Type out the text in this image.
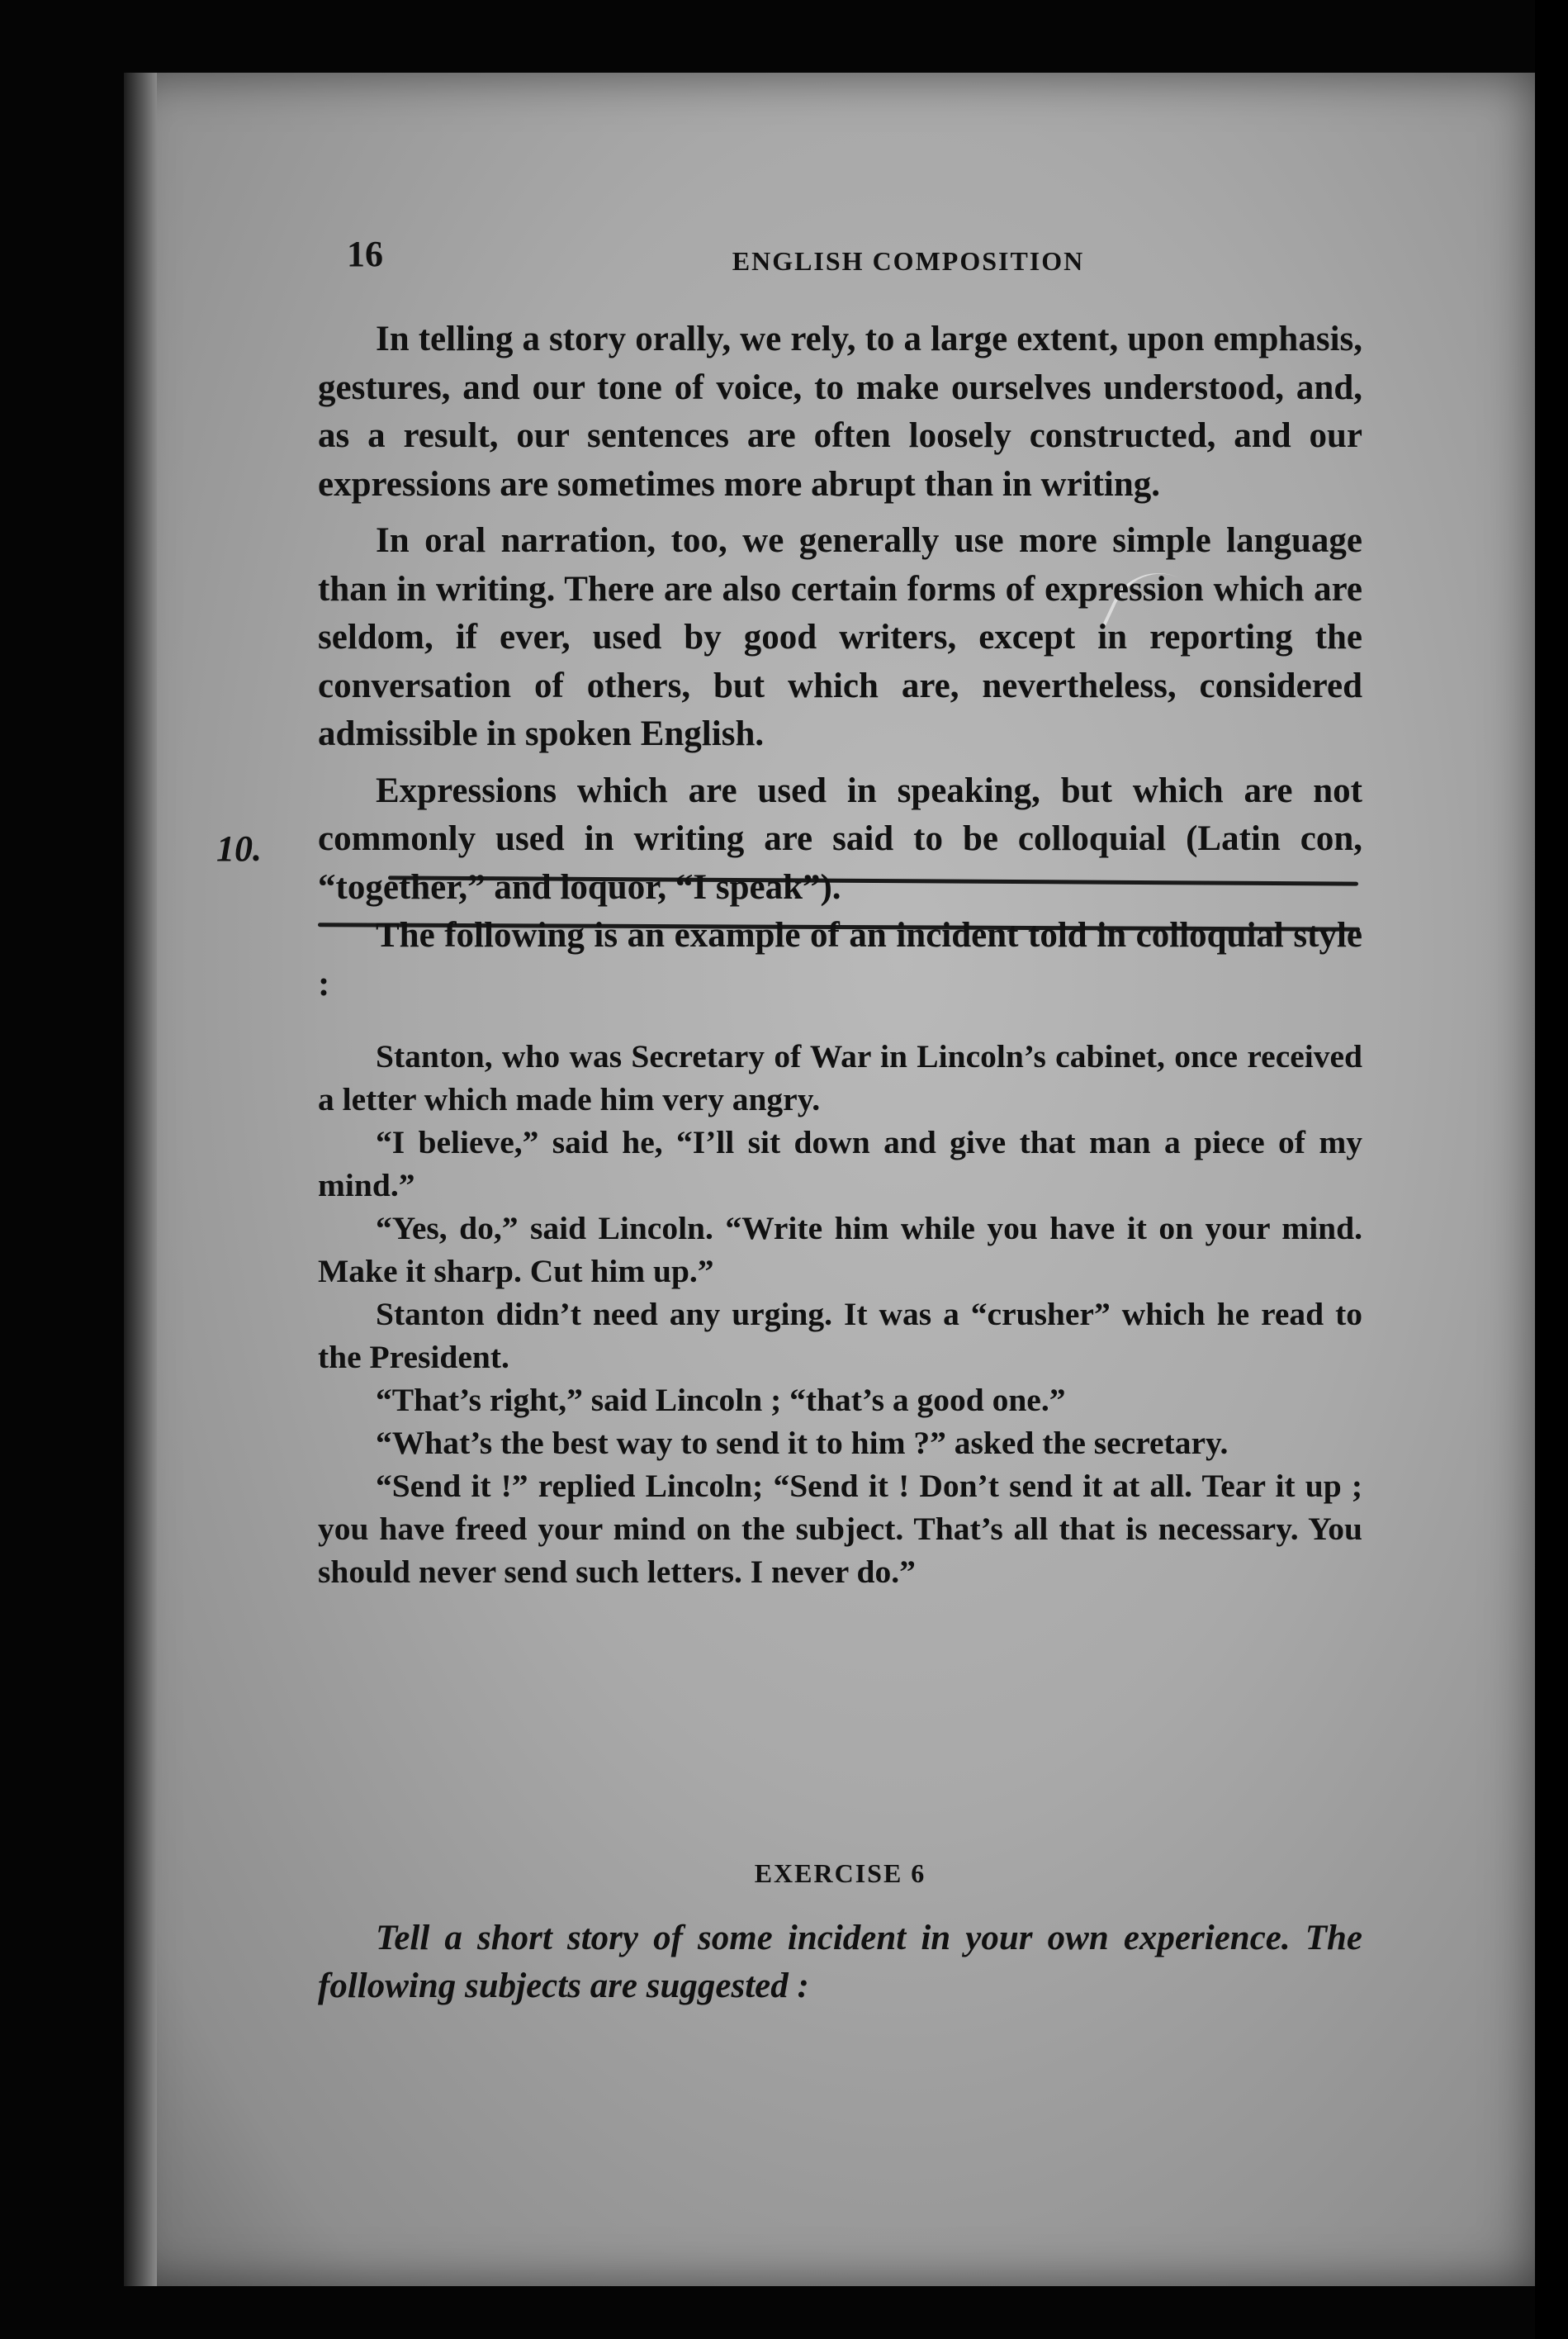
16	ENGLISH COMPOSITION
10.

In telling a story orally, we rely, to a large extent, upon emphasis, gestures, and our tone of voice, to make ourselves understood, and, as a result, our sentences are often loosely constructed, and our expressions are sometimes more abrupt than in writing.

In oral narration, too, we generally use more simple language than in writing. There are also certain forms of expression which are seldom, if ever, used by good writers, except in reporting the conversation of others, but which are, nevertheless, considered admissible in spoken English.

Expressions which are used in speaking, but which are not commonly used in writing are said to be colloquial (Latin con, “together,” and loquor, “I speak”).

The following is an example of an incident told in colloquial style :

Stanton, who was Secretary of War in Lincoln’s cabinet, once received a letter which made him very angry.

“I believe,” said he, “I’ll sit down and give that man a piece of my mind.”

“Yes, do,” said Lincoln. “Write him while you have it on your mind. Make it sharp. Cut him up.”

Stanton didn’t need any urging. It was a “crusher” which he read to the President.

“That’s right,” said Lincoln ; “that’s a good one.”

“What’s the best way to send it to him ?” asked the secretary.

“Send it !” replied Lincoln; “Send it ! Don’t send it at all. Tear it up ; you have freed your mind on the subject. That’s all that is necessary. You should never send such letters. I never do.”

EXERCISE 6

Tell a short story of some incident in your own experience. The following subjects are suggested :
